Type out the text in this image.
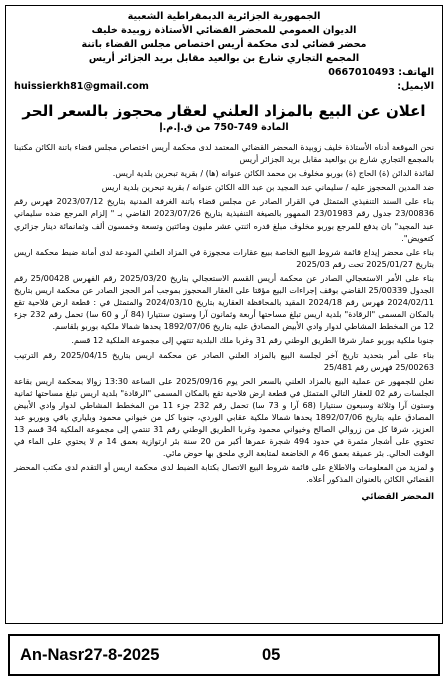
الجمهورية الجزائرية الديمقراطية الشعبية
الديوان العمومي للمحضر القضائي الأستاذة زوبيدة خليف
محضر قضائي لدى محكمة أريس اختصاص مجلس القضاء باتنة
المجمع التجاري شارع بن بوالعيد مقابل بريد الجزائر أريس
الهاتف: 0667010493
الايميل:
huissierkh81@gmail.com
اعلان عن البيع بالمزاد العلني لعقار محجوز بالسعر الحر
المادة 749-750 من ق.إ.م.إ

نحن الموقعة أدناه الأستاذة خليف زوبيدة المحضر القضائي المعتمد لدى محكمة أريس اختصاص مجلس قضاء باتنة الكائن مكتبنا بالمجمع التجاري شارع بن بوالعيد مقابل بريد الجزائر أريس

لفائدة الدائن (ة) الحاج (ة) بوربو مخلوف بن محمد الكائن عنوانه (ها) / بقرية تبحرين بلدية اريس.

ضد المدين المحجوز عليه / سليماني عبد المجيد بن عبد الله الكائن عنوانه / بقرية تبحرين بلدية اريس

بناء على السند التنفيذي المتمثل في القرار الصادر عن مجلس قضاء باتنة الغرفة المدنية بتاريخ 2023/07/12 فهرس رقم 23/00836 جدول رقم 23/01983 الممهور بالصيغة التنفيذية بتاريخ 2023/07/26 القاضي بـ " إلزام المرجع ضده سليماني عبد المجيد" بان يدفع للمرجع بوربو مخلوف مبلغ قدره اثنتي عشر مليون ومائتين وتسعة وخمسون ألف وثمانمائة دينار جزائري كتعويض".

بناء على محضر إيداع قائمة شروط البيع الخاصة ببيع عقارات محجوزة في المزاد العلني المودعة لدى أمانة ضبط محكمة اريس بتاريخ 2025/01/27 تحت رقم 2025/03

بناء على الأمر الاستعجالي الصادر عن محكمة أريس القسم الاستعجالي بتاريخ 2025/03/20 رقم الفهرس 25/00428 رقم الجدول 25/00339 القاضي بوقف إجراءات البيع مؤقتا على العقار المحجوز بموجب أمر الحجز الصادر عن محكمة اريس بتاريخ 2024/02/11 فهرس رقم 2024/18 المقيد بالمحافظة العقارية بتاريخ 2024/03/10 والمتمثل في : قطعة ارض فلاحية تقع بالمكان المسمى "الرقادة" بلدية اريس تبلغ مساحتها أربعة وثمانون آرا وستون سنتيارا (84 آر و 60 سا) تحمل رقم 232 جزء 12 من المخطط المشاطي لدوار وادي الأبيض المصادق عليه بتاريخ 1892/07/06 يحدها شمالا ملكية بوربو بلقاسم.

جنوبا ملكية بوربو عمار شرقا الطريق الوطني رقم 31 وغربا ملك البلدية تنتهي إلى مجموعة الملكية 12 قسم.

بناء على أمر بتحديد تاريخ آخر لجلسة البيع بالمزاد العلني الصادر عن محكمة اريس بتاريخ 2025/04/15 رقم الترتيب 25/00263 فهرس رقم 25/481

نعلن للجمهور عن عملية البيع بالمزاد العلني بالسعر الحر يوم 2025/09/16 على الساعة 13:30 زوالا بمحكمة اريس بقاعة الجلسات رقم 02 للعقار التالي المتمثل في قطعة ارض فلاحية تقع بالمكان المسمى "الرقادة" بلدية اريس تبلغ مساحتها ثمانية وستون آرا وثلاثة وسبعون سنتيارا (68 آرا و 73 سا) تحمل رقم 232 جزء 11 من المخطط المشاطي لدوار وادي الأبيض المصادق عليه بتاريخ 1892/07/06 يحدها شمالا ملكية عقابي الوردي، جنوبا كل من خيواني محمود وبلياري باقي وبوربو عبد العزيز، شرقا كل من زروالي الصالح وخيواني محمود وغربا الطريق الوطني رقم 31 تنتمي إلى مجموعة الملكية 34 قسم 13 تحتوي على أشجار مثمرة في حدود 494 شجرة عمرها أكبر من 20 سنة بئر ارتوازية بعمق 14 م لا يحتوي على الماء في الوقت الحالي. بئر عميقة بعمق 46 م الخاضعة لمتابعة الري ملحق بها حوض مائي.

و لمزيد من المعلومات والاطلاع على قائمة شروط البيع الاتصال بكتابة الضبط لدى محكمة اريس أو التقدم لدى مكتب المحضر القضائي الكائن بالعنوان المذكور أعلاه.

المحضر القضائي
An-Nasr27-8-2025	05
